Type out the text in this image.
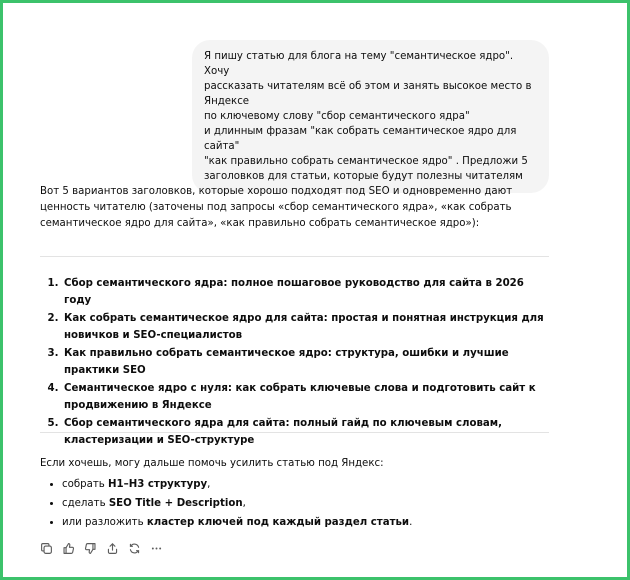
Я пишу статью для блога на тему "семантическое ядро". Хочу
рассказать читателям всё об этом и занять высокое место в Яндексе
по ключевому слову "сбор семантического ядра"
и длинным фразам "как собрать семантическое ядро для сайта"
"как правильно собрать семантическое ядро" . Предложи 5
заголовков для статьи, которые будут полезны читателям

Вот 5 вариантов заголовков, которые хорошо подходят под SEO и одновременно дают ценность читателю (заточены под запросы «сбор семантического ядра», «как собрать семантическое ядро для сайта», «как правильно собрать семантическое ядро»):

1. Сбор семантического ядра: полное пошаговое руководство для сайта в 2026 году
2. Как собрать семантическое ядро для сайта: простая и понятная инструкция для новичков и SEO-специалистов
3. Как правильно собрать семантическое ядро: структура, ошибки и лучшие практики SEO
4. Семантическое ядро с нуля: как собрать ключевые слова и подготовить сайт к продвижению в Яндексе
5. Сбор семантического ядра для сайта: полный гайд по ключевым словам, кластеризации и SEO-структуре

Если хочешь, могу дальше помочь усилить статью под Яндекс:

• собрать H1–H3 структуру,
• сделать SEO Title + Description,
• или разложить кластер ключей под каждый раздел статьи.
